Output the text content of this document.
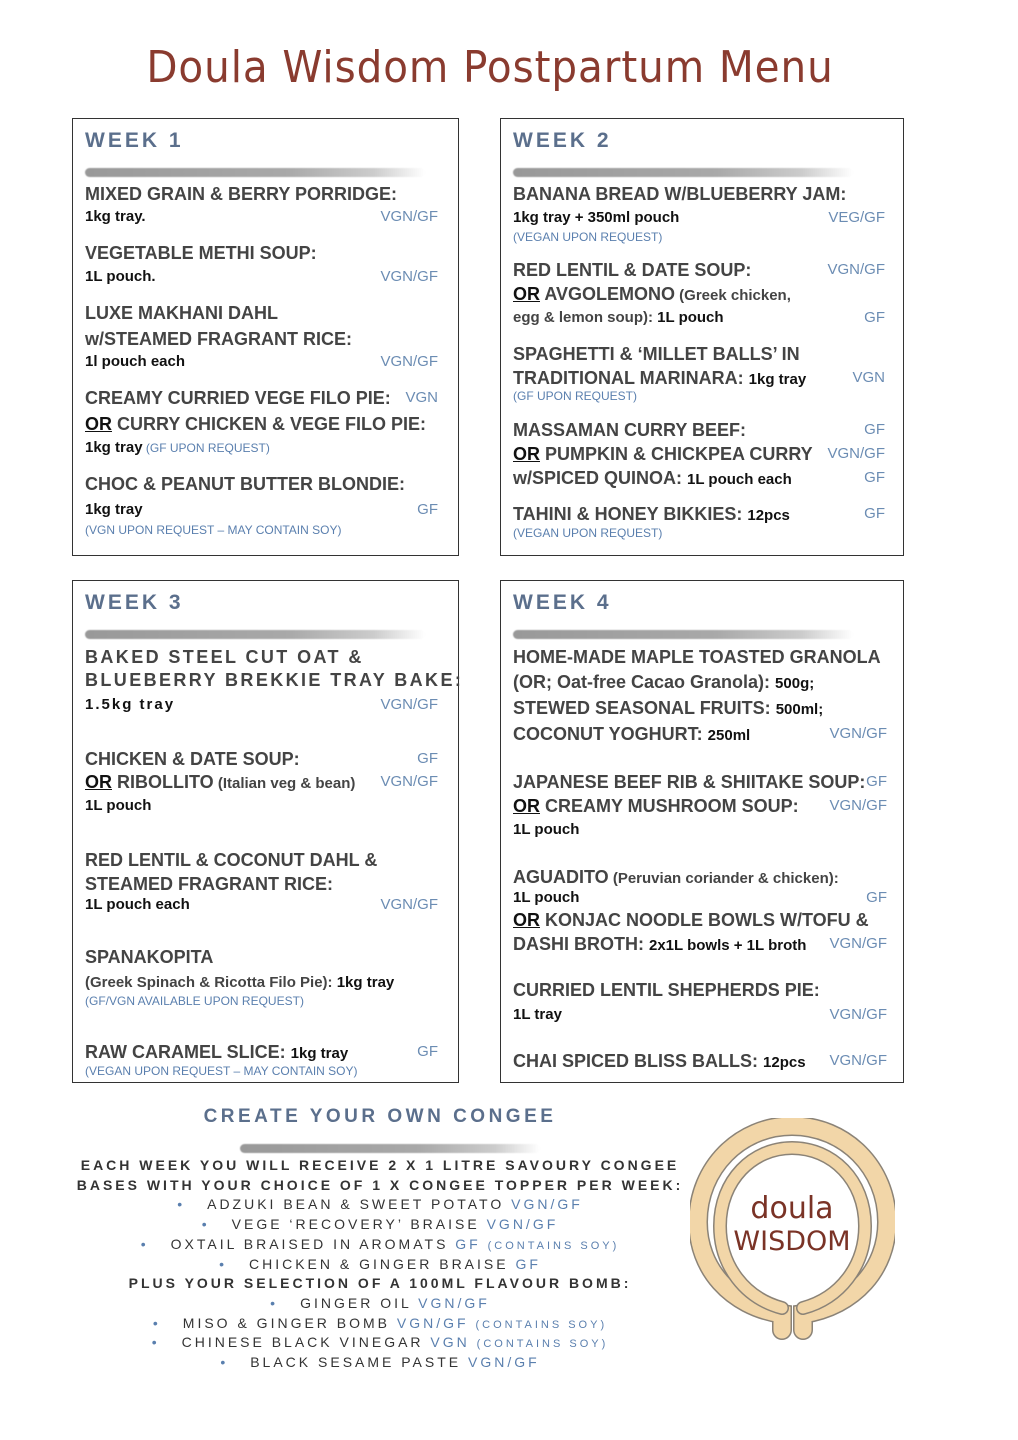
Doula Wisdom Postpartum Menu
WEEK 1
MIXED GRAIN & BERRY PORRIDGE:
1kg tray.	VGN/GF
VEGETABLE METHI SOUP:
1L pouch.	VGN/GF
LUXE MAKHANI DAHL
w/STEAMED FRAGRANT RICE:
1l pouch each	VGN/GF
CREAMY CURRIED VEGE FILO PIE: VGN
OR CURRY CHICKEN & VEGE FILO PIE:
1kg tray (GF UPON REQUEST)
CHOC & PEANUT BUTTER BLONDIE:
1kg tray	GF
(VGN UPON REQUEST – MAY CONTAIN SOY)
WEEK 2
BANANA BREAD W/BLUEBERRY JAM:
1kg tray + 350ml pouch	VEG/GF
(VEGAN UPON REQUEST)
RED LENTIL & DATE SOUP:	VGN/GF
OR AVGOLEMONO (Greek chicken,
egg & lemon soup): 1L pouch	GF
SPAGHETTI & ‘MILLET BALLS’ IN
TRADITIONAL MARINARA: 1kg tray	VGN
(GF UPON REQUEST)
MASSAMAN CURRY BEEF:	GF
OR PUMPKIN & CHICKPEA CURRY VGN/GF
w/SPICED QUINOA: 1L pouch each	GF
TAHINI & HONEY BIKKIES: 12pcs	GF
(VEGAN UPON REQUEST)
WEEK 3
BAKED STEEL CUT OAT &
BLUEBERRY BREKKIE TRAY BAKE:
1.5kg tray	VGN/GF
CHICKEN & DATE SOUP:	GF
OR RIBOLLITO (Italian veg & bean) VGN/GF
1L pouch
RED LENTIL & COCONUT DAHL &
STEAMED FRAGRANT RICE:
1L pouch each	VGN/GF
SPANAKOPITA
(Greek Spinach & Ricotta Filo Pie): 1kg tray
(GF/VGN AVAILABLE UPON REQUEST)
RAW CARAMEL SLICE: 1kg tray	GF
(VEGAN UPON REQUEST – MAY CONTAIN SOY)
WEEK 4
HOME-MADE MAPLE TOASTED GRANOLA
(OR; Oat-free Cacao Granola): 500g;
STEWED SEASONAL FRUITS: 500ml;
COCONUT YOGHURT: 250ml	VGN/GF
JAPANESE BEEF RIB & SHIITAKE SOUP: GF
OR CREAMY MUSHROOM SOUP: VGN/GF
1L pouch
AGUADITO (Peruvian coriander & chicken):
1L pouch	GF
OR KONJAC NOODLE BOWLS W/TOFU &
DASHI BROTH: 2x1L bowls + 1L broth VGN/GF
CURRIED LENTIL SHEPHERDS PIE:
1L tray	VGN/GF
CHAI SPICED BLISS BALLS: 12pcs VGN/GF
CREATE YOUR OWN CONGEE
EACH WEEK YOU WILL RECEIVE 2 X 1 LITRE SAVOURY CONGEE
BASES WITH YOUR CHOICE OF 1 X CONGEE TOPPER PER WEEK:
• ADZUKI BEAN & SWEET POTATO VGN/GF
• VEGE ‘RECOVERY’ BRAISE VGN/GF
• OXTAIL BRAISED IN AROMATS GF (CONTAINS SOY)
• CHICKEN & GINGER BRAISE GF
PLUS YOUR SELECTION OF A 100ML FLAVOUR BOMB:
• GINGER OIL VGN/GF
• MISO & GINGER BOMB VGN/GF (CONTAINS SOY)
• CHINESE BLACK VINEGAR VGN (CONTAINS SOY)
• BLACK SESAME PASTE VGN/GF
doula
WISDOM
